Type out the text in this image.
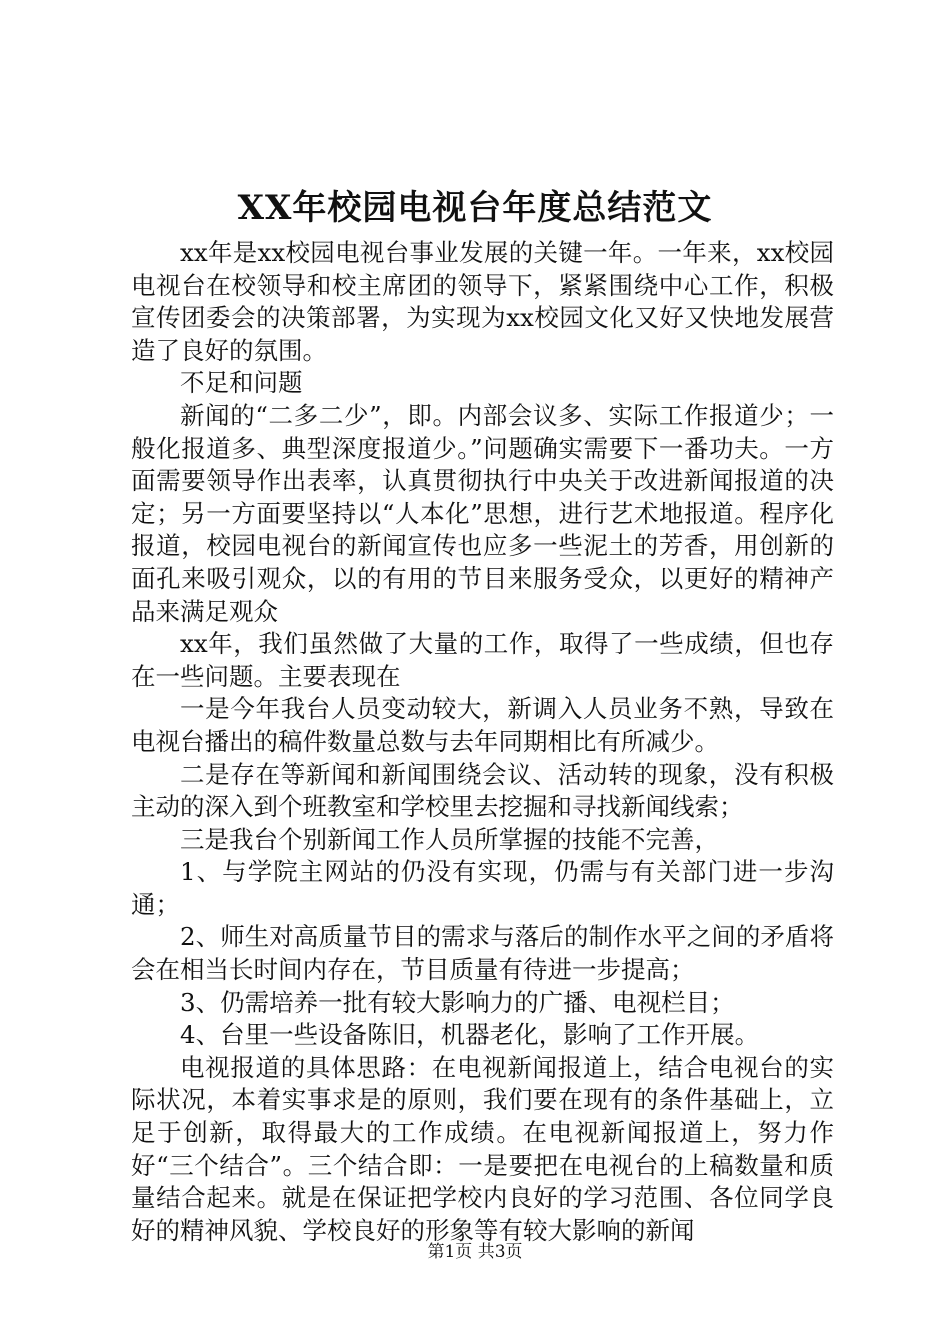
XX年校园电视台年度总结范文

xx年是xx校园电视台事业发展的关键一年。一年来，xx校园电视台在校领导和校主席团的领导下，紧紧围绕中心工作，积极宣传团委会的决策部署，为实现为xx校园文化又好又快地发展营造了良好的氛围。

不足和问题

新闻的“二多二少”，即。内部会议多、实际工作报道少；一般化报道多、典型深度报道少。”问题确实需要下一番功夫。一方面需要领导作出表率，认真贯彻执行中央关于改进新闻报道的决定；另一方面要坚持以“人本化”思想，进行艺术地报道。程序化报道，校园电视台的新闻宣传也应多一些泥土的芳香，用创新的面孔来吸引观众，以的有用的节目来服务受众，以更好的精神产品来满足观众

xx年，我们虽然做了大量的工作，取得了一些成绩，但也存在一些问题。主要表现在

一是今年我台人员变动较大，新调入人员业务不熟，导致在电视台播出的稿件数量总数与去年同期相比有所减少。

二是存在等新闻和新闻围绕会议、活动转的现象，没有积极主动的深入到个班教室和学校里去挖掘和寻找新闻线索；

三是我台个别新闻工作人员所掌握的技能不完善，

1、与学院主网站的仍没有实现，仍需与有关部门进一步沟通；

2、师生对高质量节目的需求与落后的制作水平之间的矛盾将会在相当长时间内存在，节目质量有待进一步提高；

3、仍需培养一批有较大影响力的广播、电视栏目；

4、台里一些设备陈旧，机器老化，影响了工作开展。

电视报道的具体思路：在电视新闻报道上，结合电视台的实际状况，本着实事求是的原则，我们要在现有的条件基础上，立足于创新，取得最大的工作成绩。在电视新闻报道上，努力作好“三个结合”。三个结合即：一是要把在电视台的上稿数量和质量结合起来。就是在保证把学校内良好的学习范围、各位同学良好的精神风貌、学校良好的形象等有较大影响的新闻

第1页 共3页
